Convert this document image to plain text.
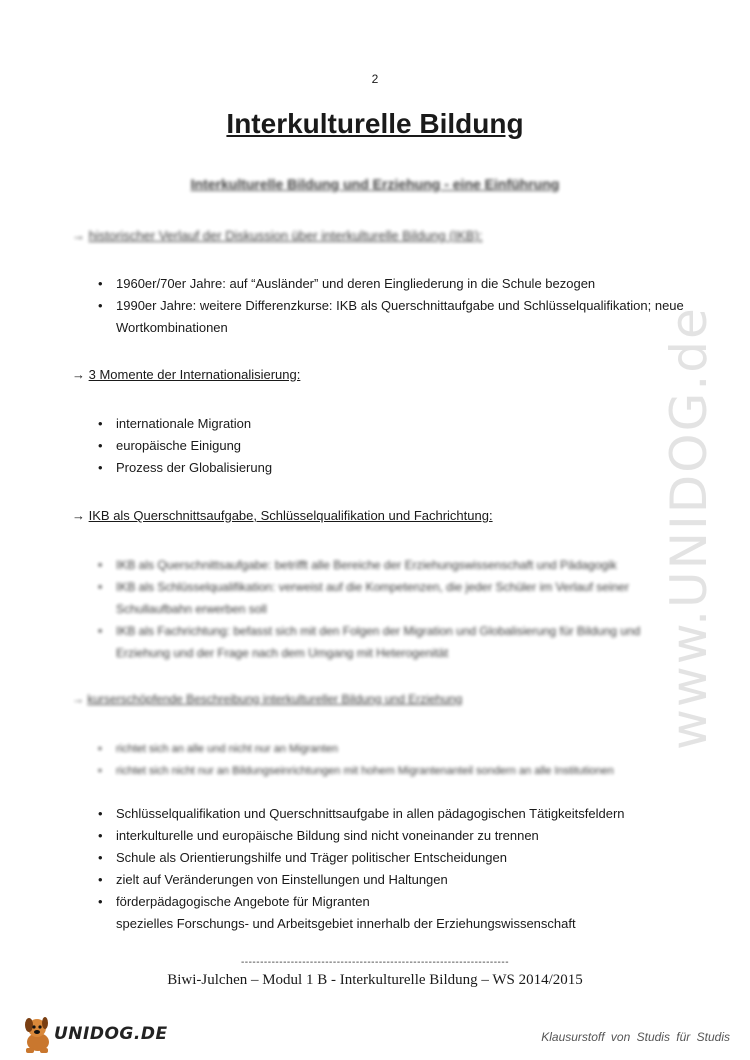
2
Interkulturelle Bildung
Interkulturelle Bildung und Erziehung - eine Einführung
→ historischer Verlauf der Diskussion über interkulturelle Bildung (IKB):
• 1960er/70er Jahre: auf “Ausländer” und deren Eingliederung in die Schule bezogen
• 1990er Jahre: weitere Differenzkurse: IKB als Querschnittaufgabe und Schlüsselqualifikation; neue Wortkombinationen
→ 3 Momente der Internationalisierung:
• internationale Migration
• europäische Einigung
• Prozess der Globalisierung
→ IKB als Querschnittsaufgabe, Schlüsselqualifikation und Fachrichtung:
• IKB als Querschnittsaufgabe: betrifft alle Bereiche der Erziehungswissenschaft und Pädagogik
• IKB als Schlüsselqualifikation: verweist auf die Kompetenzen, die jeder Schüler im Verlauf seiner Schullaufbahn erwerben soll
• IKB als Fachrichtung: befasst sich mit den Folgen der Migration und Globalisierung für Bildung und Erziehung und der Frage nach dem Umgang mit Heterogenität
→ kurserschöpfende Beschreibung interkultureller Bildung und Erziehung
• richtet sich an alle und nicht nur an Migranten
• richtet sich nicht nur an Bildungseinrichtungen mit hohem Migrantenanteil sondern an alle Institutionen
• Schlüsselqualifikation und Querschnittsaufgabe in allen pädagogischen Tätigkeitsfeldern
• interkulturelle und europäische Bildung sind nicht voneinander zu trennen
• Schule als Orientierungshilfe und Träger politischer Entscheidungen
• zielt auf Veränderungen von Einstellungen und Haltungen
• förderpädagogische Angebote für Migranten
spezielles Forschungs- und Arbeitsgebiet innerhalb der Erziehungswissenschaft
www.UNIDOG.de
----------------------------------------------------------------------
Biwi-Julchen – Modul 1 B - Interkulturelle Bildung – WS 2014/2015
UNIDOG.DE	Klausurstoff von Studis für Studis
